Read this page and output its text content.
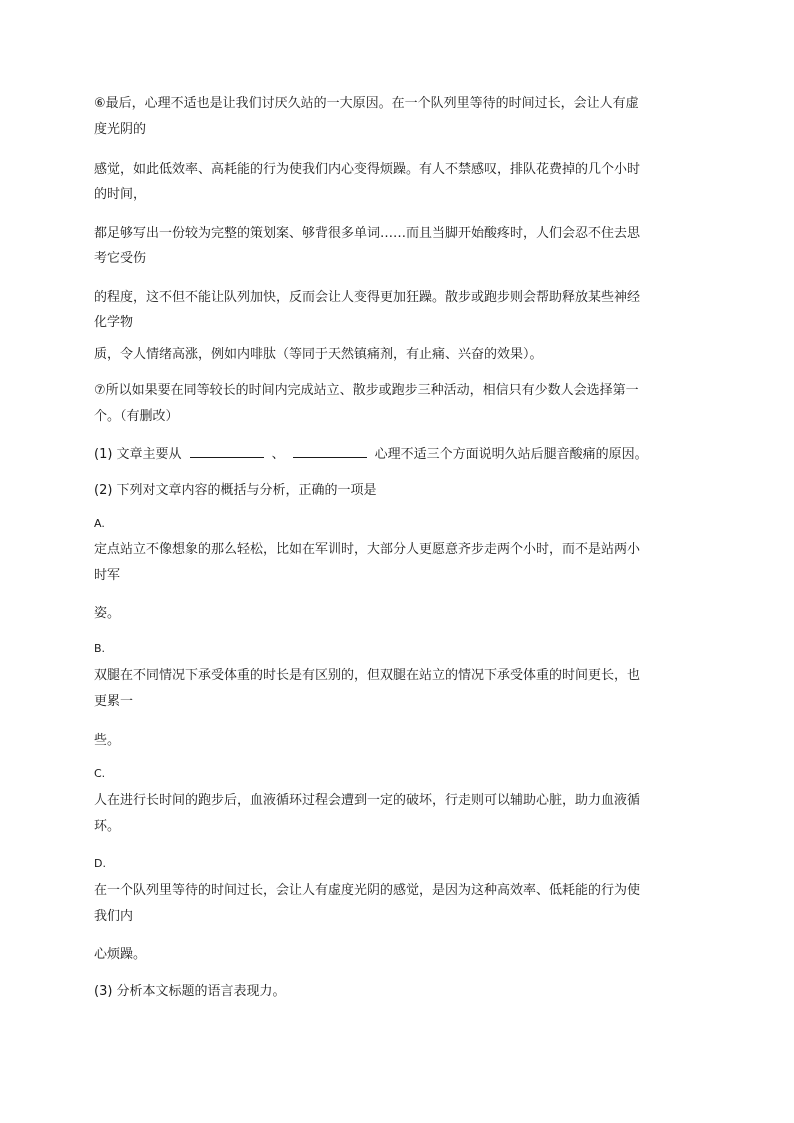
⑥最后，心理不适也是让我们讨厌久站的一大原因。在一个队列里等待的时间过长，会让人有虚
度光阴的
感觉，如此低效率、高耗能的行为使我们内心变得烦躁。有人不禁感叹，排队花费掉的几个小时
的时间，
都足够写出一份较为完整的策划案、够背很多单词……而且当脚开始酸疼时，人们会忍不住去思
考它受伤
的程度，这不但不能让队列加快，反而会让人变得更加狂躁。散步或跑步则会帮助释放某些神经
化学物
质，令人情绪高涨，例如内啡肽（等同于天然镇痛剂，有止痛、兴奋的效果）。
⑦所以如果要在同等较长的时间内完成站立、散步或跑步三种活动，相信只有少数人会选择第一
个。（有删改）
(1) 文章主要从	、	心理不适三个方面说明久站后腿音酸痛的原因。
(2) 下列对文章内容的概括与分析，正确的一项是
A.
定点站立不像想象的那么轻松，比如在军训时，大部分人更愿意齐步走两个小时，而不是站两小
时军
姿。
B.
双腿在不同情况下承受体重的时长是有区别的，但双腿在站立的情况下承受体重的时间更长，也
更累一
些。
C.
人在进行长时间的跑步后，血液循环过程会遭到一定的破坏，行走则可以辅助心脏，助力血液循
环。
D.
在一个队列里等待的时间过长，会让人有虚度光阴的感觉，是因为这种高效率、低耗能的行为使
我们内
心烦躁。
(3) 分析本文标题的语言表现力。
